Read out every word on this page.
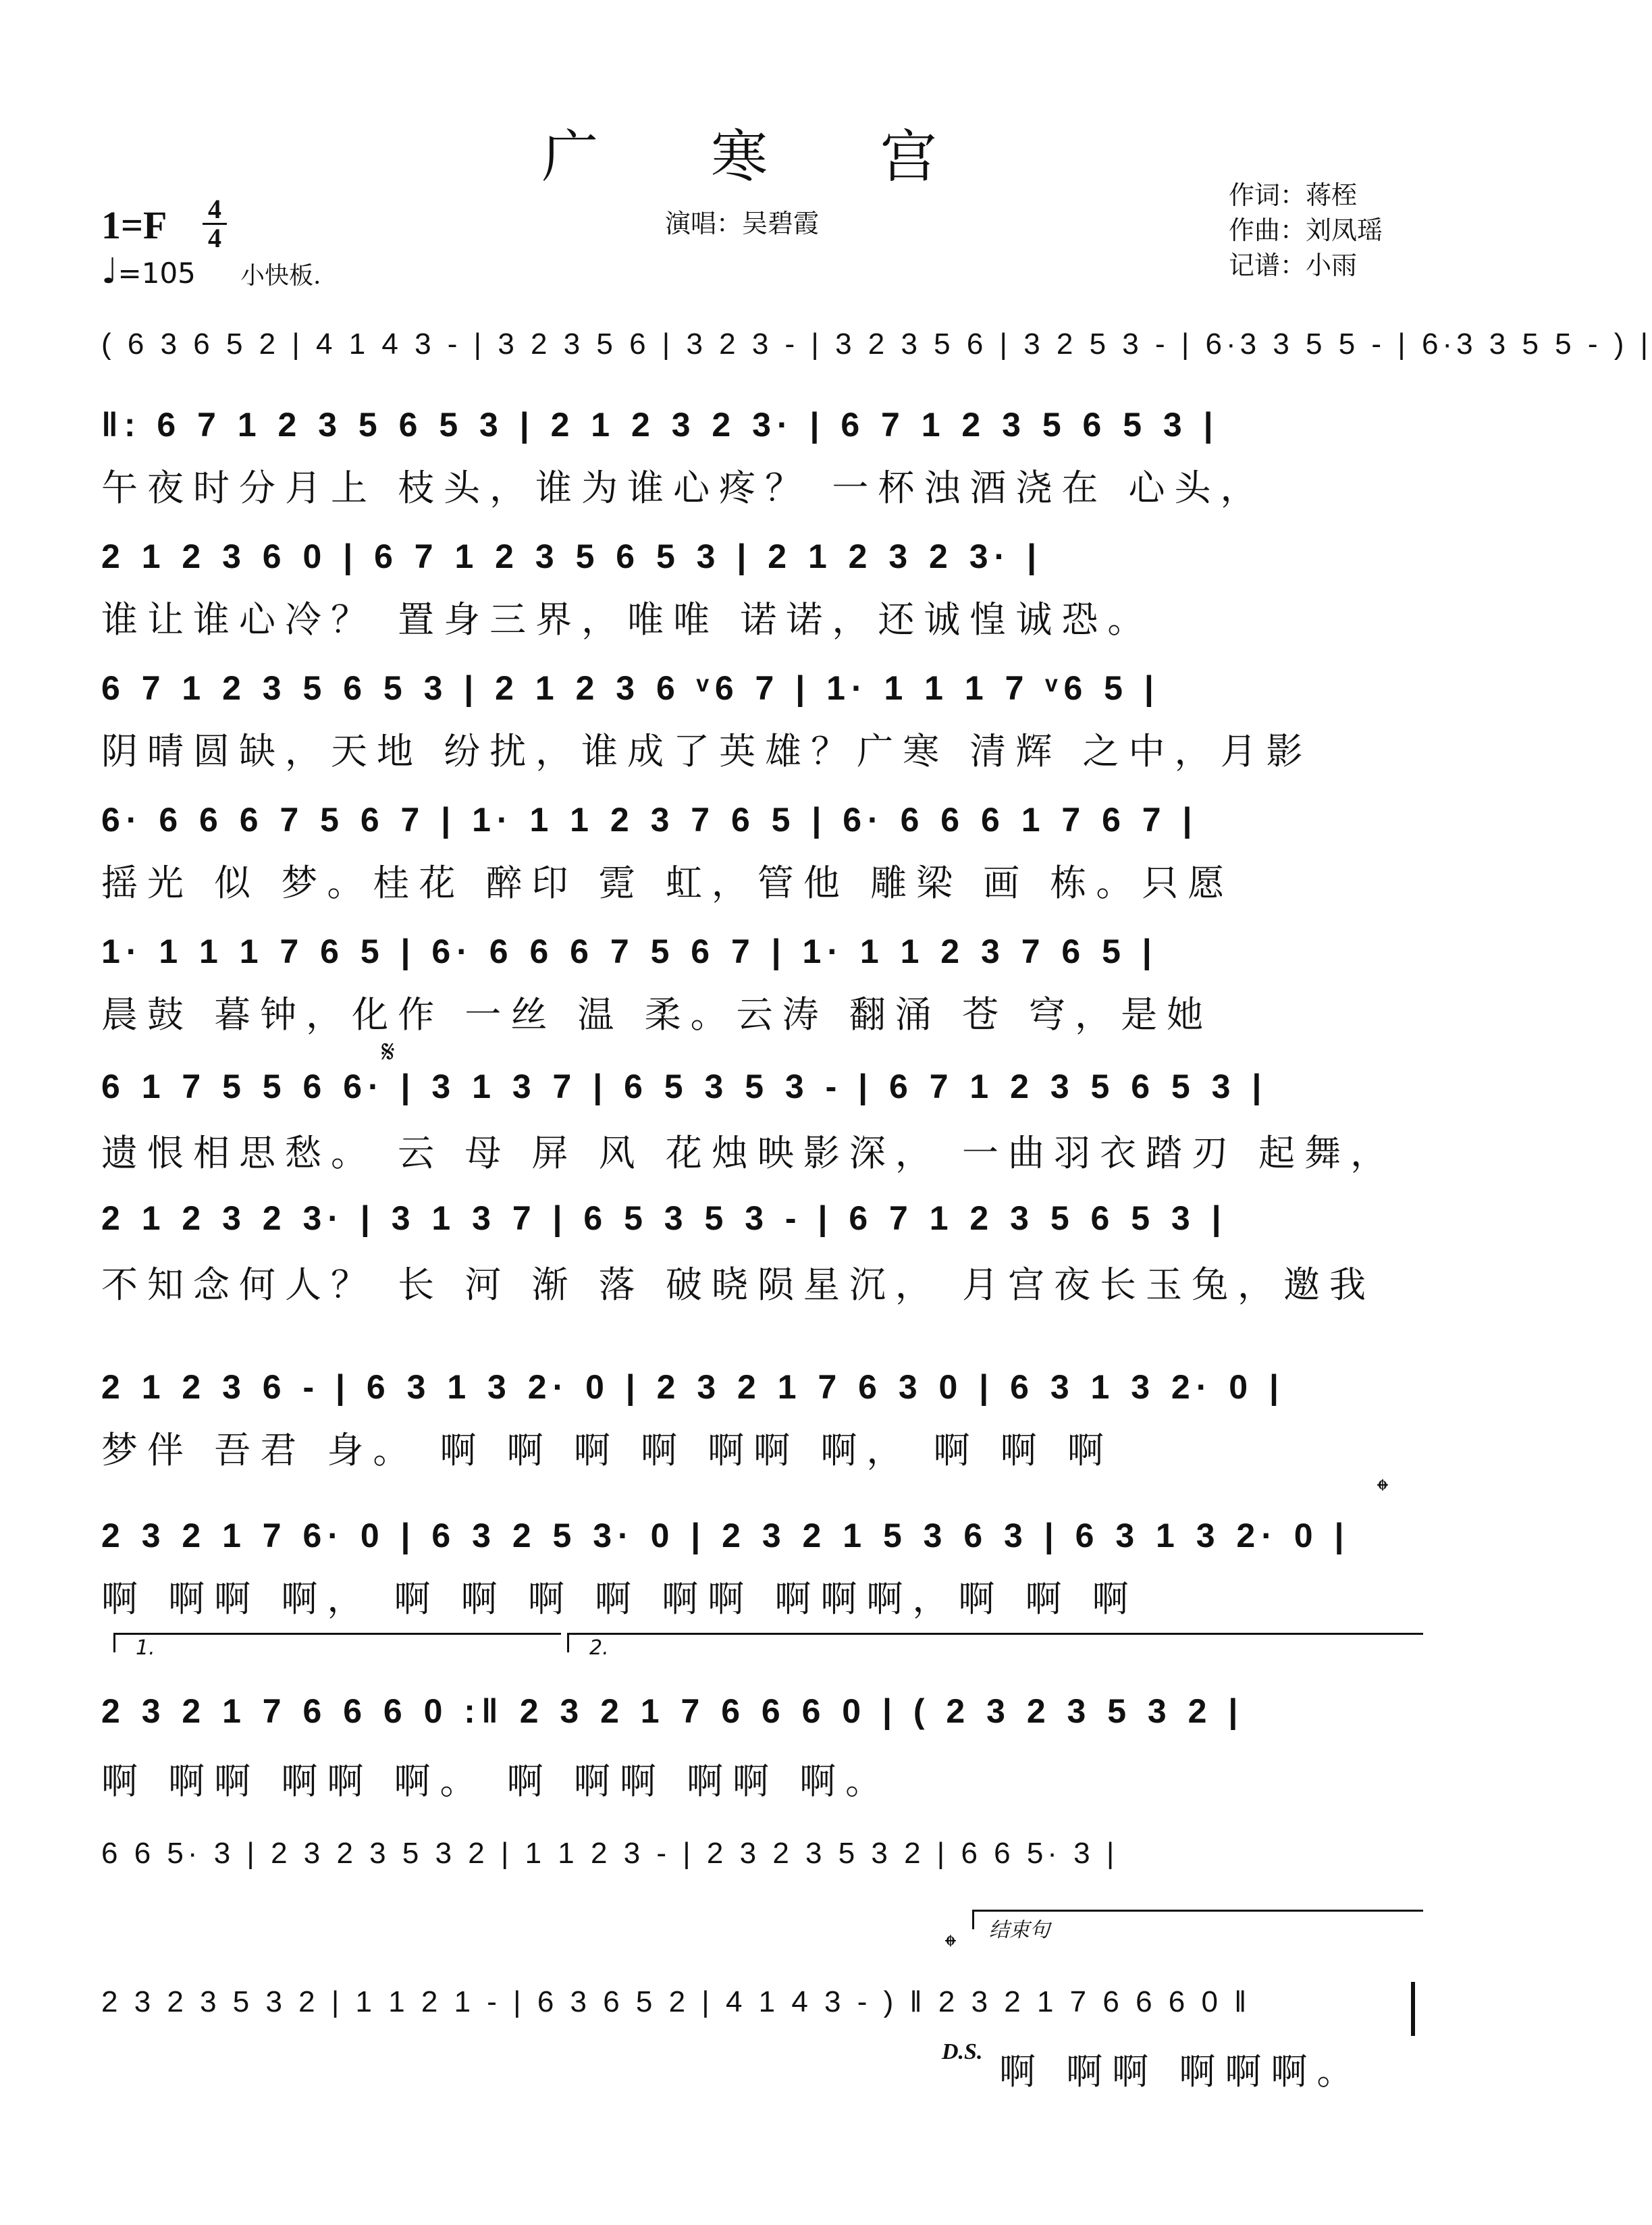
广 寒 宫
1=F 4
4
♩=105 小快板.
演唱：吴碧霞
作词：蒋桎
作曲：刘凤瑶
记谱：小雨
( 6 3 6 5 2 | 4 1 4 3 - | 3 2 3 5 6 | 3 2 3 - | 3 2 3 5 6 | 3 2 5 3 - | 6·3 3 5 5 - | 6·3 3 5 5 - ) |
‖: 6 7 1 2 3 5 6 5 3 | 2 1 2 3 2 3· | 6 7 1 2 3 5 6 5 3 |
午夜时分月上 枝头，谁为谁心疼？ 一杯浊酒浇在 心头，
2 1 2 3 6 0 | 6 7 1 2 3 5 6 5 3 | 2 1 2 3 2 3· |
谁让谁心冷？ 置身三界，唯唯 诺诺，还诚惶诚恐。
6 7 1 2 3 5 6 5 3 | 2 1 2 3 6 ᵛ6 7 | 1· 1 1 1 7 ᵛ6 5 |
阴晴圆缺，天地 纷扰，谁成了英雄？广寒 清辉 之中，月影
6· 6 6 6 7 5 6 7 | 1· 1 1 2 3 7 6 5 | 6· 6 6 6 1 7 6 7 |
摇光 似 梦。桂花 醉印 霓 虹，管他 雕梁 画 栋。只愿
1· 1 1 1 7 6 5 | 6· 6 6 6 7 5 6 7 | 1· 1 1 2 3 7 6 5 |
晨鼓 暮钟，化作 一丝 温 柔。云涛 翻涌 苍 穹，是她
𝄋
6 1 7 5 5 6 6· | 3 1 3 7 | 6 5 3 5 3 - | 6 7 1 2 3 5 6 5 3 |
遗恨相思愁。 云 母 屏 风 花烛映影深， 一曲羽衣踏刃 起舞，
2 1 2 3 2 3· | 3 1 3 7 | 6 5 3 5 3 - | 6 7 1 2 3 5 6 5 3 |
不知念何人？ 长 河 渐 落 破晓陨星沉， 月宫夜长玉兔，邀我
2 1 2 3 6 - | 6 3 1 3 2· 0 | 2 3 2 1 7 6 3 0 | 6 3 1 3 2· 0 |
梦伴 吾君 身。 啊 啊 啊 啊 啊啊 啊， 啊 啊 啊
𝄌
2 3 2 1 7 6· 0 | 6 3 2 5 3· 0 | 2 3 2 1 5 3 6 3 | 6 3 1 3 2· 0 |
啊 啊啊 啊， 啊 啊 啊 啊 啊啊 啊啊啊，啊 啊 啊
1.	2.
2 3 2 1 7 6 6 6 0 :‖ 2 3 2 1 7 6 6 6 0 | ( 2 3 2 3 5 3 2 |
啊 啊啊 啊啊 啊。 啊 啊啊 啊啊 啊。
6 6 5· 3 | 2 3 2 3 5 3 2 | 1 1 2 3 - | 2 3 2 3 5 3 2 | 6 6 5· 3 |
结束句
𝄌
2 3 2 3 5 3 2 | 1 1 2 1 - | 6 3 6 5 2 | 4 1 4 3 - ) ‖ 2 3 2 1 7 6 6 6 0 ‖
D.S. 啊 啊啊 啊啊啊。
